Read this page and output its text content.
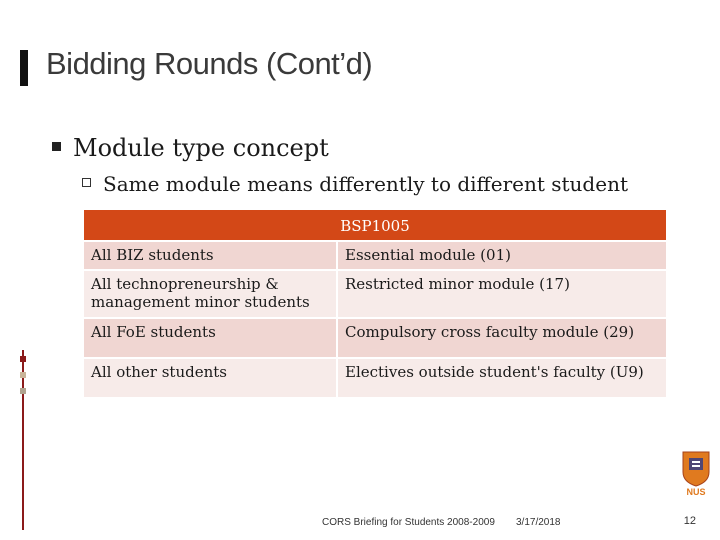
Bidding Rounds (Cont’d)
Module type concept
Same module means differently to different student
BSP1005	
All BIZ students	Essential module (01)
All technopreneurship & management minor students	Restricted minor module (17)
All FoE students	Compulsory cross faculty module (29)
All other students	Electives outside student's faculty (U9)
NUS
CORS Briefing for Students 2008-2009 3/17/2018	12
